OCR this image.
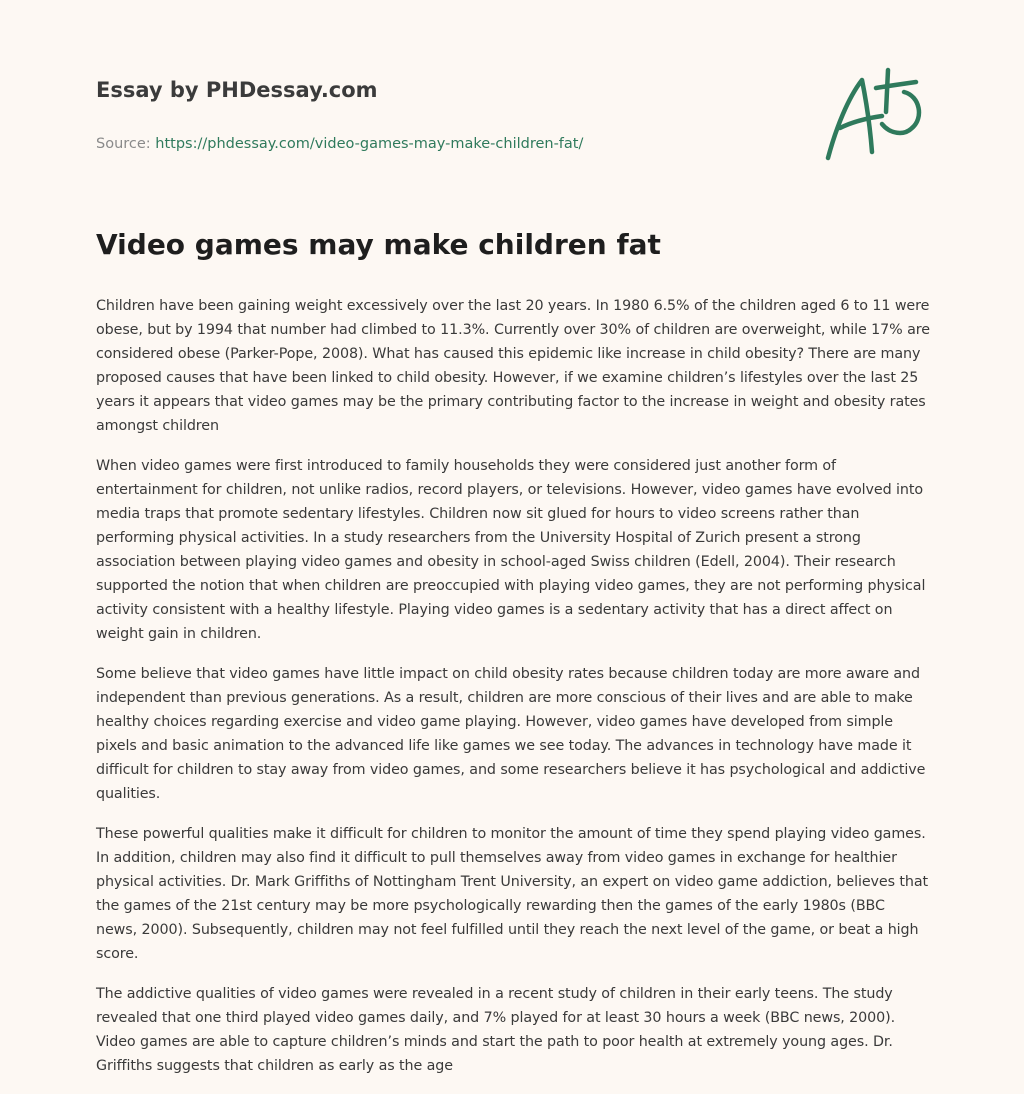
Essay by PHDessay.com
Source: https://phdessay.com/video-games-may-make-children-fat/
Video games may make children fat

Children have been gaining weight excessively over the last 20 years. In 1980 6.5% of the children aged 6 to 11 were obese, but by 1994 that number had climbed to 11.3%. Currently over 30% of children are overweight, while 17% are considered obese (Parker-Pope, 2008). What has caused this epidemic like increase in child obesity? There are many proposed causes that have been linked to child obesity. However, if we examine children’s lifestyles over the last 25 years it appears that video games may be the primary contributing factor to the increase in weight and obesity rates amongst children

When video games were first introduced to family households they were considered just another form of entertainment for children, not unlike radios, record players, or televisions. However, video games have evolved into media traps that promote sedentary lifestyles. Children now sit glued for hours to video screens rather than performing physical activities. In a study researchers from the University Hospital of Zurich present a strong association between playing video games and obesity in school-aged Swiss children (Edell, 2004). Their research supported the notion that when children are preoccupied with playing video games, they are not performing physical activity consistent with a healthy lifestyle. Playing video games is a sedentary activity that has a direct affect on weight gain in children.

Some believe that video games have little impact on child obesity rates because children today are more aware and independent than previous generations. As a result, children are more conscious of their lives and are able to make healthy choices regarding exercise and video game playing. However, video games have developed from simple pixels and basic animation to the advanced life like games we see today. The advances in technology have made it difficult for children to stay away from video games, and some researchers believe it has psychological and addictive qualities.

These powerful qualities make it difficult for children to monitor the amount of time they spend playing video games. In addition, children may also find it difficult to pull themselves away from video games in exchange for healthier physical activities. Dr. Mark Griffiths of Nottingham Trent University, an expert on video game addiction, believes that the games of the 21st century may be more psychologically rewarding then the games of the early 1980s (BBC news, 2000). Subsequently, children may not feel fulfilled until they reach the next level of the game, or beat a high score.

The addictive qualities of video games were revealed in a recent study of children in their early teens. The study revealed that one third played video games daily, and 7% played for at least 30 hours a week (BBC news, 2000). Video games are able to capture children’s minds and start the path to poor health at extremely young ages. Dr. Griffiths suggests that children as early as the age
